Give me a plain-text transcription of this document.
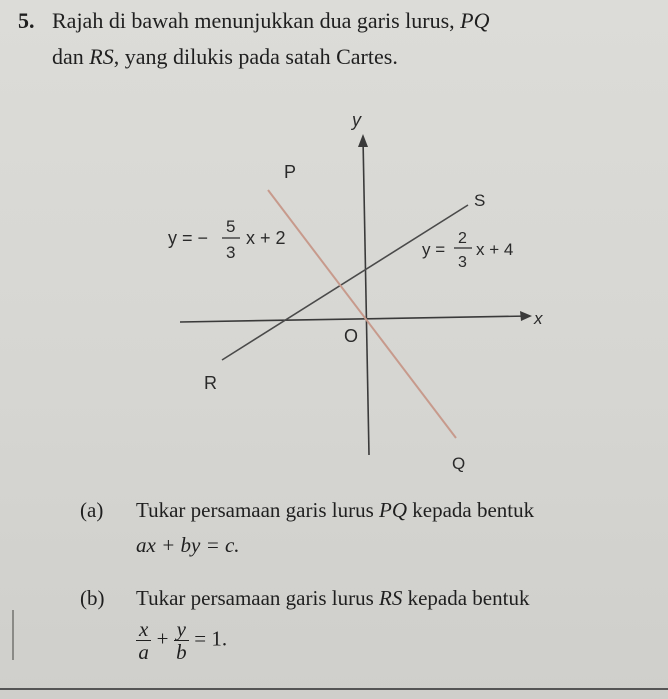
5. Rajah di bawah menunjukkan dua garis lurus, PQ
dan RS, yang dilukis pada satah Cartes.
y
x
O
P
S
R
Q
y = −
5
3
x + 2
y =
2
3
x + 4
(a) Tukar persamaan garis lurus PQ kepada bentuk
ax + by = c.
(b) Tukar persamaan garis lurus RS kepada bentuk
$\frac{x}{a} + \frac{y}{b} = 1$.
